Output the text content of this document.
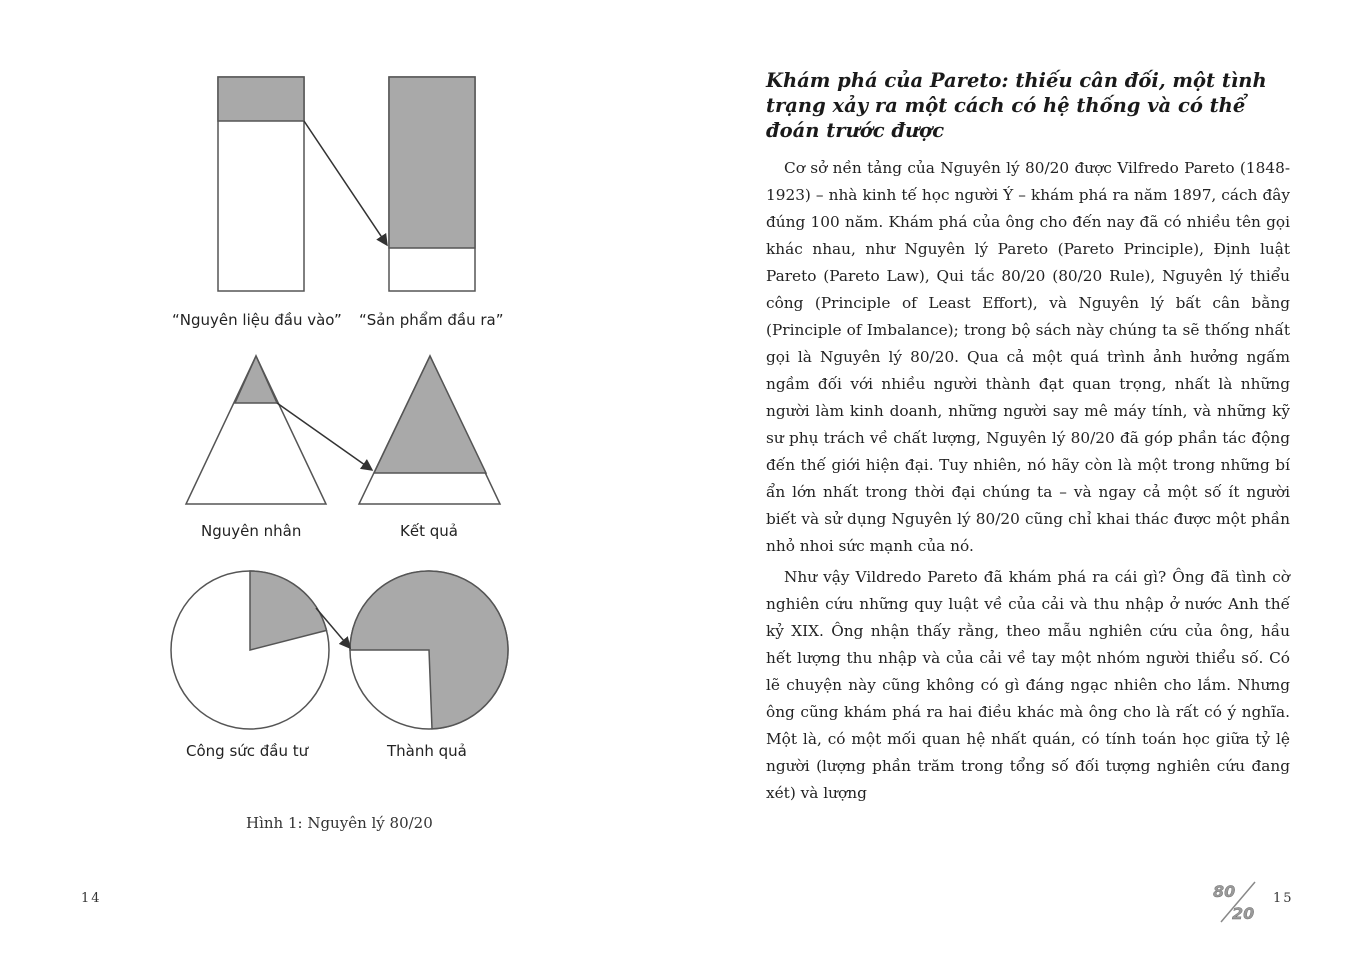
“Nguyên liệu đầu vào” “Sản phẩm đầu ra”
Nguyên nhân	Kết quả
Công sức đầu tư	Thành quả
Hình 1: Nguyên lý 80/20
14
Khám phá của Pareto: thiếu cân đối, một tình trạng xảy ra một cách có hệ thống và có thể đoán trước được

Cơ sở nền tảng của Nguyên lý 80/20 được Vilfredo Pareto (1848-1923) – nhà kinh tế học người Ý – khám phá ra năm 1897, cách đây đúng 100 năm. Khám phá của ông cho đến nay đã có nhiều tên gọi khác nhau, như Nguyên lý Pareto (Pareto Principle), Định luật Pareto (Pareto Law), Qui tắc 80/20 (80/20 Rule), Nguyên lý thiểu công (Principle of Least Effort), và Nguyên lý bất cân bằng (Principle of Imbalance); trong bộ sách này chúng ta sẽ thống nhất gọi là Nguyên lý 80/20. Qua cả một quá trình ảnh hưởng ngấm ngầm đối với nhiều người thành đạt quan trọng, nhất là những người làm kinh doanh, những người say mê máy tính, và những kỹ sư phụ trách về chất lượng, Nguyên lý 80/20 đã góp phần tác động đến thế giới hiện đại. Tuy nhiên, nó hãy còn là một trong những bí ẩn lớn nhất trong thời đại chúng ta – và ngay cả một số ít người biết và sử dụng Nguyên lý 80/20 cũng chỉ khai thác được một phần nhỏ nhoi sức mạnh của nó.

Như vậy Vildredo Pareto đã khám phá ra cái gì? Ông đã tình cờ nghiên cứu những quy luật về của cải và thu nhập ở nước Anh thế kỷ XIX. Ông nhận thấy rằng, theo mẫu nghiên cứu của ông, hầu hết lượng thu nhập và của cải về tay một nhóm người thiểu số. Có lẽ chuyện này cũng không có gì đáng ngạc nhiên cho lắm. Nhưng ông cũng khám phá ra hai điều khác mà ông cho là rất có ý nghĩa. Một là, có một mối quan hệ nhất quán, có tính toán học giữa tỷ lệ người (lượng phần trăm trong tổng số đối tượng nghiên cứu đang xét) và lượng

80
20
15
